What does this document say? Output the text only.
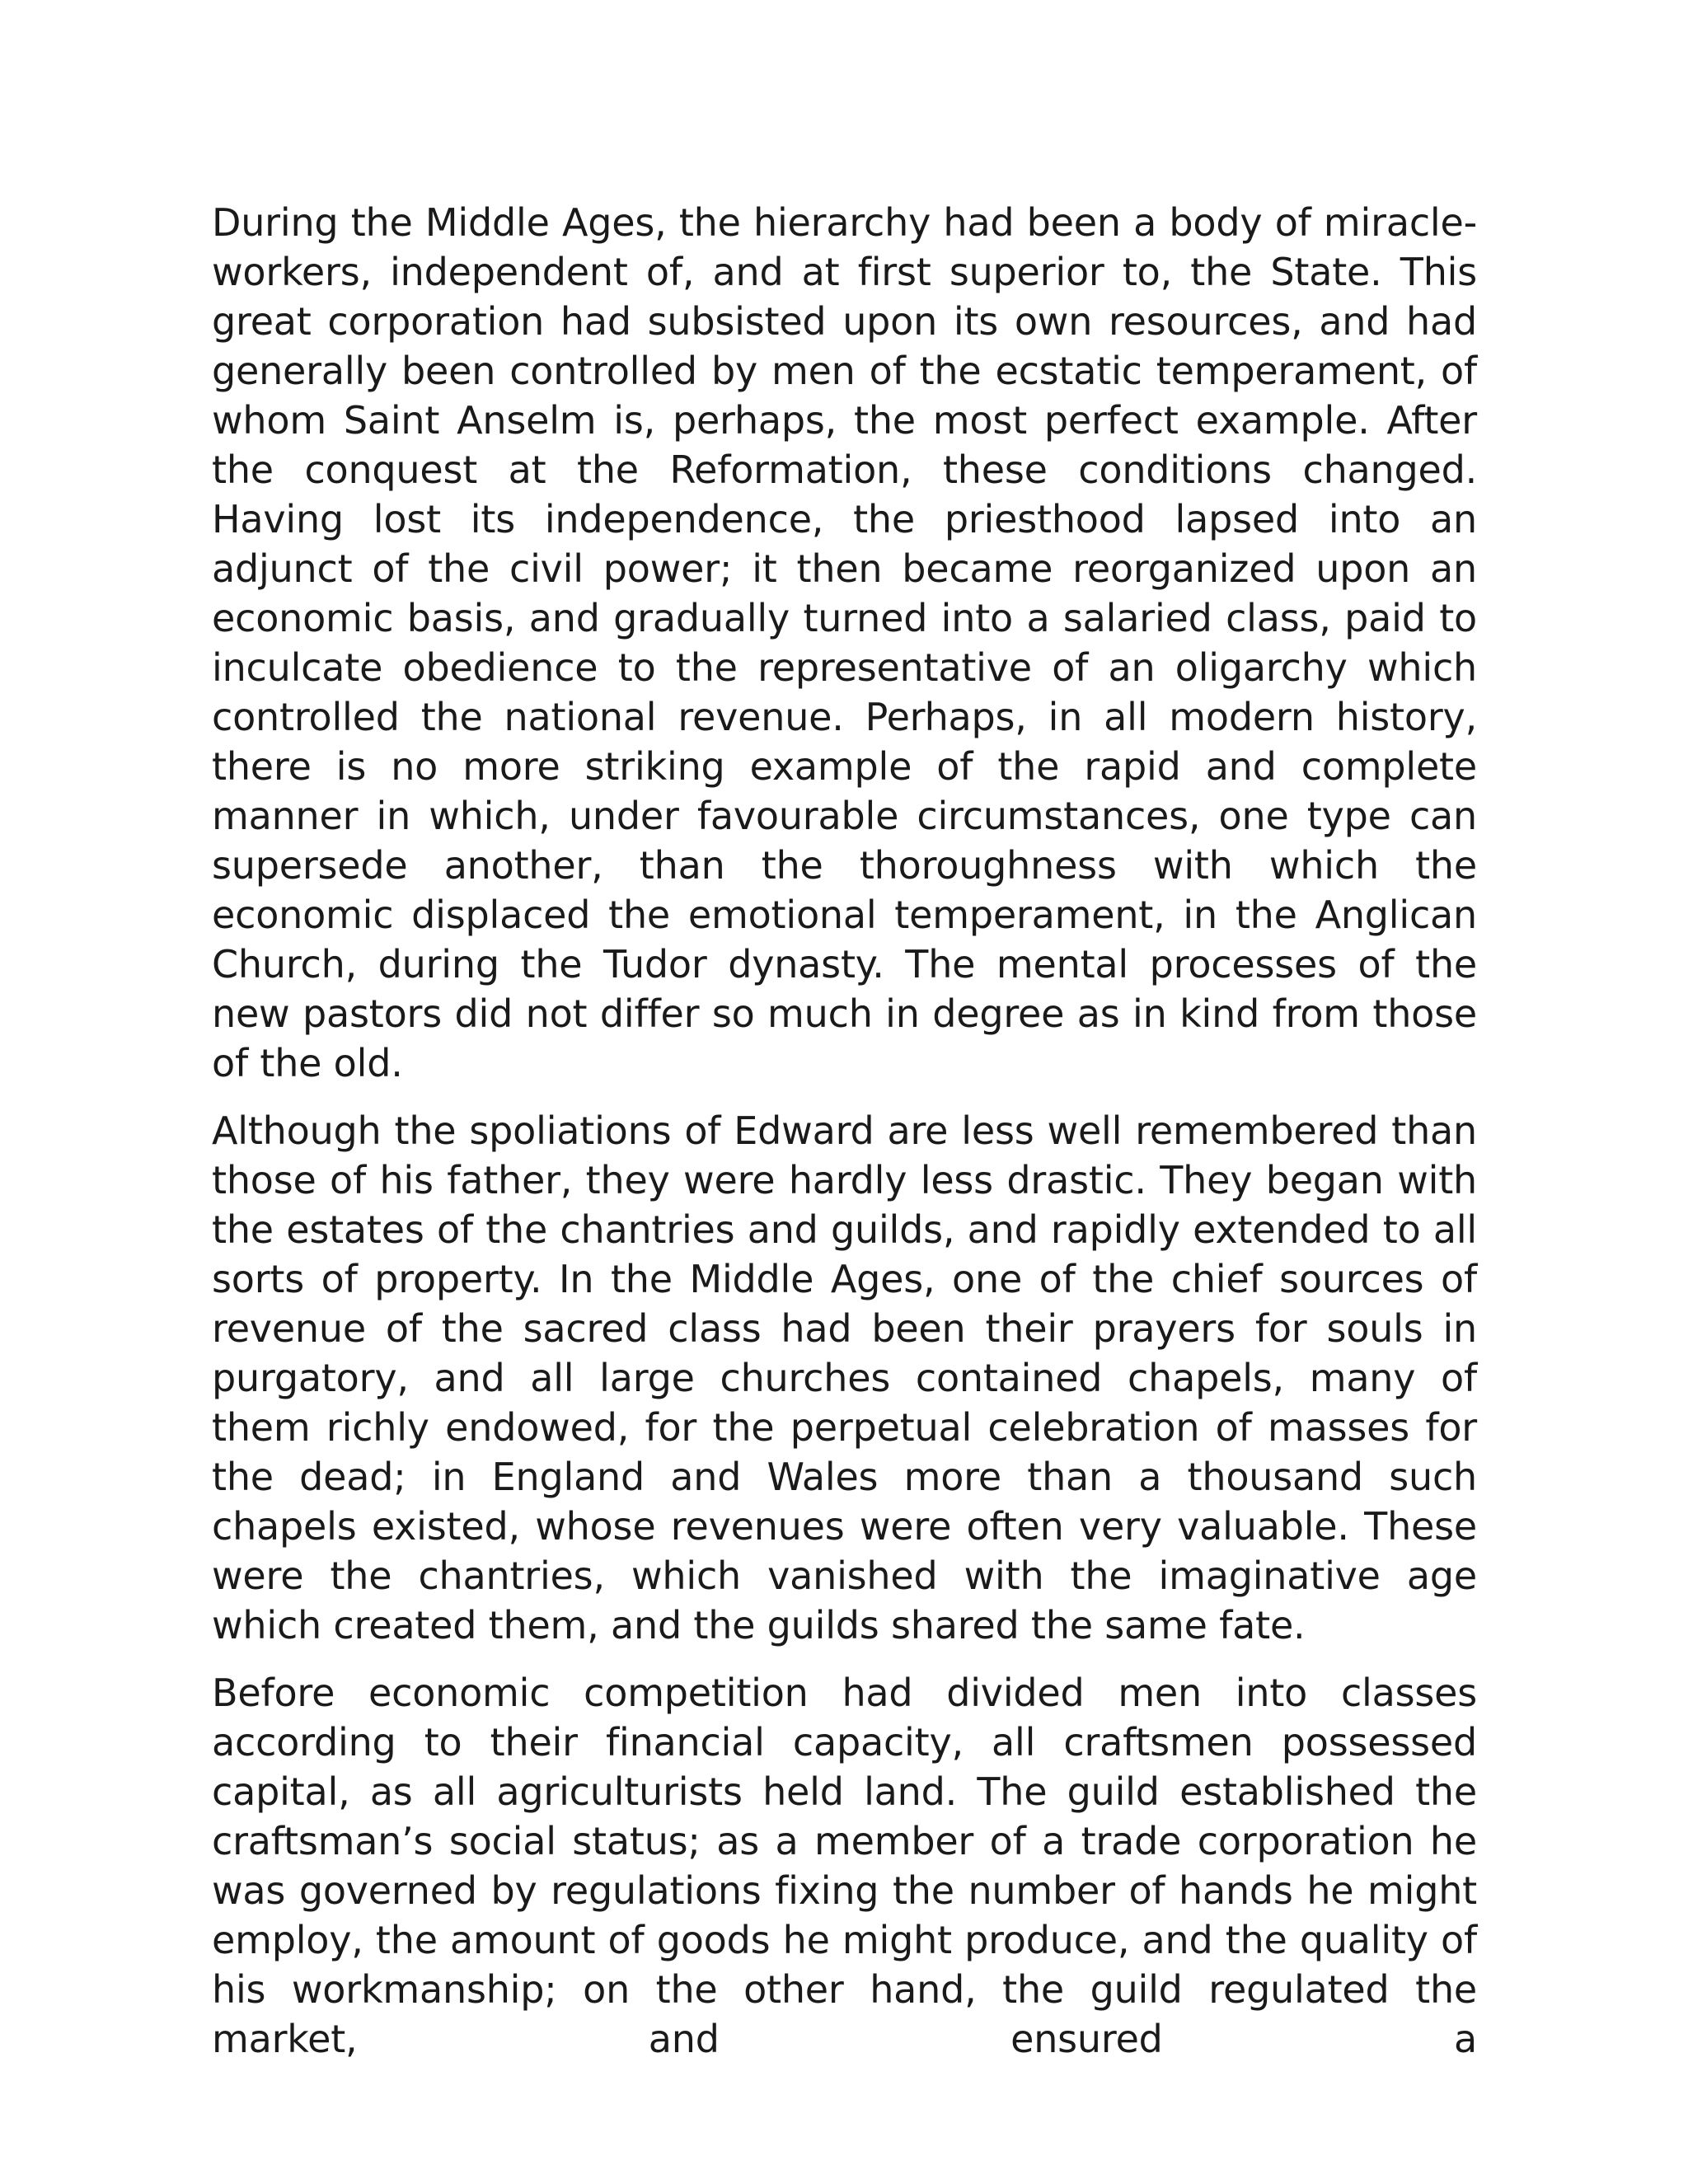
During the Middle Ages, the hierarchy had been a body of miracle-workers, independent of, and at first superior to, the State. This great corporation had subsisted upon its own resources, and had generally been controlled by men of the ecstatic temperament, of whom Saint Anselm is, perhaps, the most perfect example. After the conquest at the Reformation, these conditions changed. Having lost its independence, the priesthood lapsed into an adjunct of the civil power; it then became reorganized upon an economic basis, and gradually turned into a salaried class, paid to inculcate obedience to the representative of an oligarchy which controlled the national revenue. Perhaps, in all modern history, there is no more striking example of the rapid and complete manner in which, under favourable circumstances, one type can supersede another, than the thoroughness with which the economic displaced the emotional temperament, in the Anglican Church, during the Tudor dynasty. The mental processes of the new pastors did not differ so much in degree as in kind from those of the old.

Although the spoliations of Edward are less well remembered than those of his father, they were hardly less drastic. They began with the estates of the chantries and guilds, and rapidly extended to all sorts of property. In the Middle Ages, one of the chief sources of revenue of the sacred class had been their prayers for souls in purgatory, and all large churches contained chapels, many of them richly endowed, for the perpetual celebration of masses for the dead; in England and Wales more than a thousand such chapels existed, whose revenues were often very valuable. These were the chantries, which vanished with the imaginative age which created them, and the guilds shared the same fate.

Before economic competition had divided men into classes according to their financial capacity, all craftsmen possessed capital, as all agriculturists held land. The guild established the craftsman’s social status; as a member of a trade corporation he was governed by regulations fixing the number of hands he might employ, the amount of goods he might produce, and the quality of his workmanship; on the other hand, the guild regulated the market, and ensured a
